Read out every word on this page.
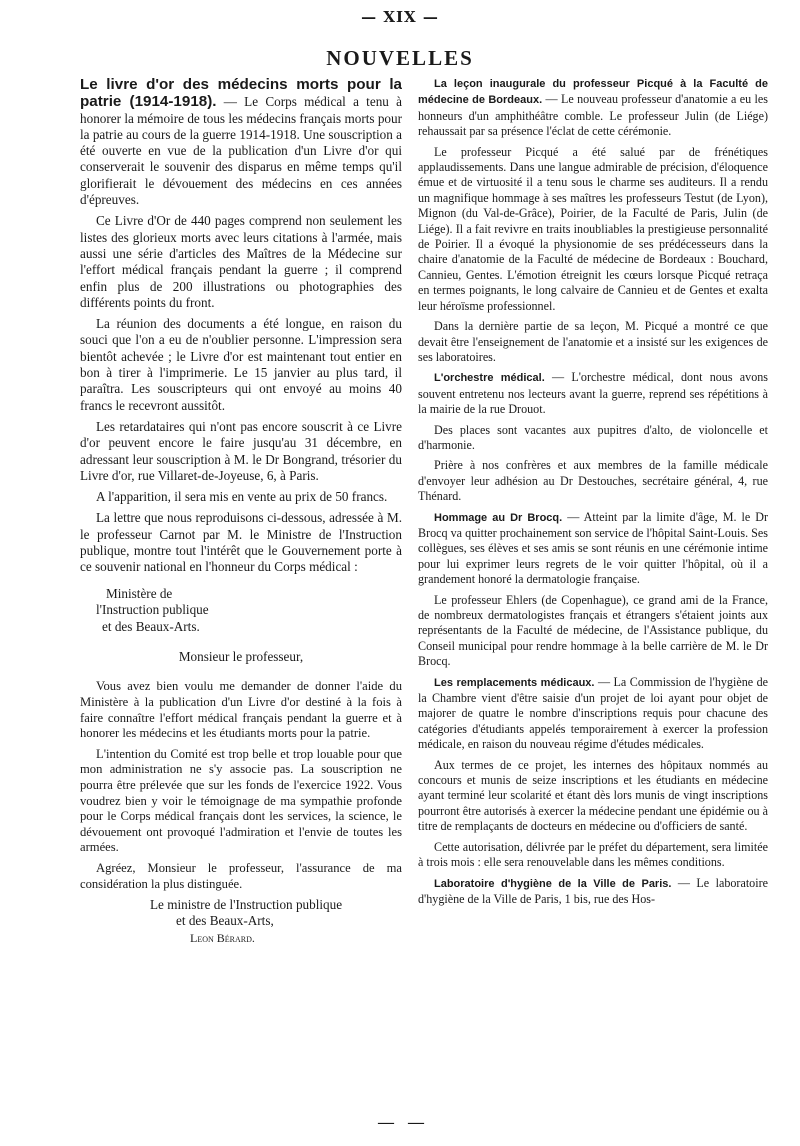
— XIX —
NOUVELLES

Le livre d'or des médecins morts pour la patrie (1914-1918). — Le Corps médical a tenu à honorer la mémoire de tous les médecins français morts pour la patrie au cours de la guerre 1914-1918. Une souscription a été ouverte en vue de la publication d'un Livre d'or qui conserverait le souvenir des disparus en même temps qu'il glorifierait le dévouement des médecins en ces années d'épreuves.

Ce Livre d'Or de 440 pages comprend non seulement les listes des glorieux morts avec leurs citations à l'armée, mais aussi une série d'articles des Maîtres de la Médecine sur l'effort médical français pendant la guerre ; il comprend enfin plus de 200 illustrations ou photographies des différents points du front.

La réunion des documents a été longue, en raison du souci que l'on a eu de n'oublier personne. L'impression sera bientôt achevée ; le Livre d'or est maintenant tout entier en bon à tirer à l'imprimerie. Le 15 janvier au plus tard, il paraîtra. Les souscripteurs qui ont envoyé au moins 40 francs le recevront aussitôt.

Les retardataires qui n'ont pas encore souscrit à ce Livre d'or peuvent encore le faire jusqu'au 31 décembre, en adressant leur souscription à M. le Dr Bongrand, trésorier du Livre d'or, rue Villaret-de-Joyeuse, 6, à Paris.

A l'apparition, il sera mis en vente au prix de 50 francs.

La lettre que nous reproduisons ci-dessous, adressée à M. le professeur Carnot par M. le Ministre de l'Instruction publique, montre tout l'intérêt que le Gouvernement porte à ce souvenir national en l'honneur du Corps médical :

Ministère de
l'Instruction publique
et des Beaux-Arts.

Monsieur le professeur,

Vous avez bien voulu me demander de donner l'aide du Ministère à la publication d'un Livre d'or destiné à la fois à faire connaître l'effort médical français pendant la guerre et à honorer les médecins et les étudiants morts pour la patrie.

L'intention du Comité est trop belle et trop louable pour que mon administration ne s'y associe pas. La souscription ne pourra être prélevée que sur les fonds de l'exercice 1922. Vous voudrez bien y voir le témoignage de ma sympathie profonde pour le Corps médical français dont les services, la science, le dévouement ont provoqué l'admiration et l'envie de toutes les armées.

Agréez, Monsieur le professeur, l'assurance de ma considération la plus distinguée.

Le ministre de l'Instruction publique

et des Beaux-Arts,

Leon Bérard.

La leçon inaugurale du professeur Picqué à la Faculté de médecine de Bordeaux. — Le nouveau professeur d'anatomie a eu les honneurs d'un amphithéâtre comble. Le professeur Julin (de Liége) rehaussait par sa présence l'éclat de cette cérémonie.

Le professeur Picqué a été salué par de frénétiques applaudissements. Dans une langue admirable de précision, d'éloquence émue et de virtuosité il a tenu sous le charme ses auditeurs. Il a rendu un magnifique hommage à ses maîtres les professeurs Testut (de Lyon), Mignon (du Val-de-Grâce), Poirier, de la Faculté de Paris, Julin (de Liége). Il a fait revivre en traits inoubliables la prestigieuse personnalité de Poirier. Il a évoqué la physionomie de ses prédécesseurs dans la chaire d'anatomie de la Faculté de médecine de Bordeaux : Bouchard, Cannieu, Gentes. L'émotion étreignit les cœurs lorsque Picqué retraça en termes poignants, le long calvaire de Cannieu et de Gentes et exalta leur héroïsme professionnel.

Dans la dernière partie de sa leçon, M. Picqué a montré ce que devait être l'enseignement de l'anatomie et a insisté sur les exigences de ses laboratoires.

L'orchestre médical. — L'orchestre médical, dont nous avons souvent entretenu nos lecteurs avant la guerre, reprend ses répétitions à la mairie de la rue Drouot.

Des places sont vacantes aux pupitres d'alto, de violoncelle et d'harmonie.

Prière à nos confrères et aux membres de la famille médicale d'envoyer leur adhésion au Dr Destouches, secrétaire général, 4, rue Thénard.

Hommage au Dr Brocq. — Atteint par la limite d'âge, M. le Dr Brocq va quitter prochainement son service de l'hôpital Saint-Louis. Ses collègues, ses élèves et ses amis se sont réunis en une cérémonie intime pour lui exprimer leurs regrets de le voir quitter l'hôpital, où il a grandement honoré la dermatologie française.

Le professeur Ehlers (de Copenhague), ce grand ami de la France, de nombreux dermatologistes français et étrangers s'étaient joints aux représentants de la Faculté de médecine, de l'Assistance publique, du Conseil municipal pour rendre hommage à la belle carrière de M. le Dr Brocq.

Les remplacements médicaux. — La Commission de l'hygiène de la Chambre vient d'être saisie d'un projet de loi ayant pour objet de majorer de quatre le nombre d'inscriptions requis pour chacune des catégories d'étudiants appelés temporairement à exercer la profession médicale, en raison du nouveau régime d'études médicales.

Aux termes de ce projet, les internes des hôpitaux nommés au concours et munis de seize inscriptions et les étudiants en médecine ayant terminé leur scolarité et étant dès lors munis de vingt inscriptions pourront être autorisés à exercer la médecine pendant une épidémie ou à titre de remplaçants de docteurs en médecine ou d'officiers de santé.

Cette autorisation, délivrée par le préfet du département, sera limitée à trois mois : elle sera renouvelable dans les mêmes conditions.

Laboratoire d'hygiène de la Ville de Paris. — Le laboratoire d'hygiène de la Ville de Paris, 1 bis, rue des Hos-

— —
